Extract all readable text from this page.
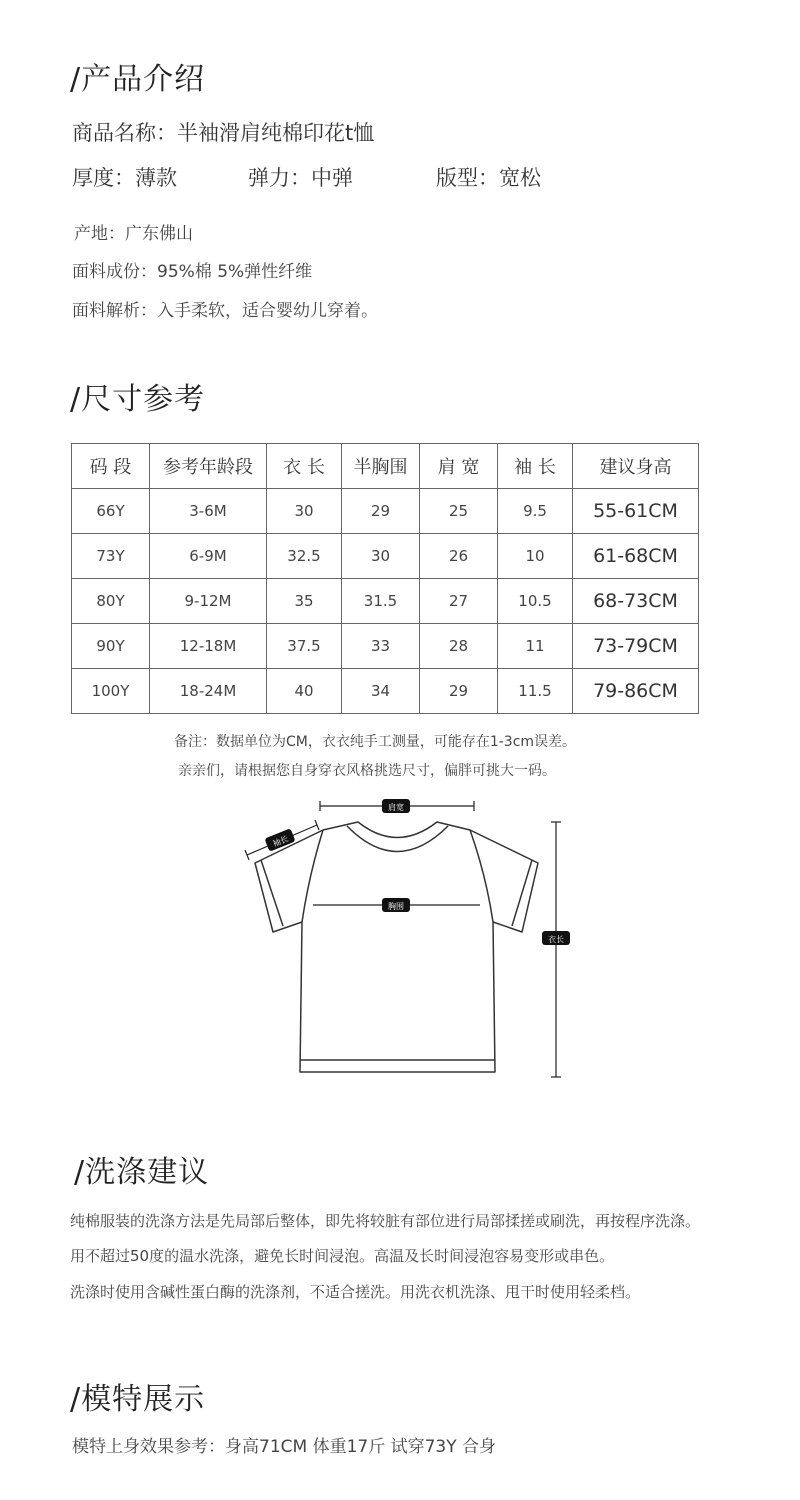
/产品介绍
商品名称：半袖滑肩纯棉印花t恤
厚度：薄款	弹力：中弹	版型：宽松
产地：广东佛山
面料成份：95%棉 5%弹性纤维
面料解析：入手柔软，适合婴幼儿穿着。
/尺寸参考
码 段	参考年龄段	衣 长	半胸围	肩 宽	袖 长	建议身高
66Y	3-6M	30	29	25	9.5	55-61CM
73Y	6-9M	32.5	30	26	10	61-68CM
80Y	9-12M	35	31.5	27	10.5	68-73CM
90Y	12-18M	37.5	33	28	11	73-79CM
100Y	18-24M	40	34	29	11.5	79-86CM
备注：数据单位为CM，衣衣纯手工测量，可能存在1-3cm误差。
亲亲们，请根据您自身穿衣风格挑选尺寸，偏胖可挑大一码。
肩宽
袖长
胸围
衣长
/洗涤建议
纯棉服装的洗涤方法是先局部后整体，即先将较脏有部位进行局部揉搓或刷洗，再按程序洗涤。
用不超过50度的温水洗涤，避免长时间浸泡。高温及长时间浸泡容易变形或串色。
洗涤时使用含碱性蛋白酶的洗涤剂，不适合搓洗。用洗衣机洗涤、甩干时使用轻柔档。
/模特展示
模特上身效果参考：身高71CM 体重17斤 试穿73Y 合身
